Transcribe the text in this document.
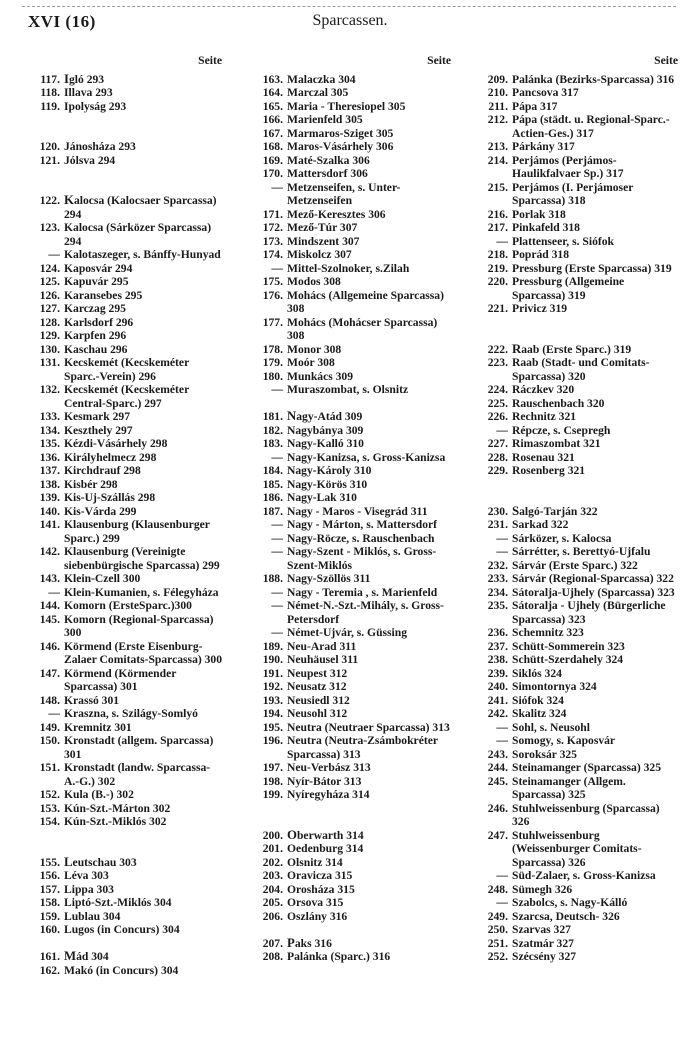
XVI (16)	Sparcassen.
Seite
117. Igló 293
118. Illava 293
119. Ipolyság 293
120. Jánosháza 293
121. Jólsva 294
122. Kalocsa (Kalocsaer Sparcassa) 294
123. Kalocsa (Sárközer Sparcassa) 294
— Kalotaszeger, s. Bánffy-Hunyad
124. Kaposvár 294
125. Kapuvár 295
126. Karansebes 295
127. Karczag 295
128. Karlsdorf 296
129. Karpfen 296
130. Kaschau 296
131. Kecskemét (Kecskeméter Sparc.-Verein) 296
132. Kecskemét (Kecskeméter Central-Sparc.) 297
133. Kesmark 297
134. Keszthely 297
135. Kézdi-Vásárhely 298
136. Királyhelmecz 298
137. Kirchdrauf 298
138. Kisbér 298
139. Kis-Uj-Szállás 298
140. Kis-Várda 299
141. Klausenburg (Klausenburger Sparc.) 299
142. Klausenburg (Vereinigte siebenbürgische Sparcassa) 299
143. Klein-Czell 300
— Klein-Kumanien, s. Félegyháza
144. Komorn (ErsteSparc.)300
145. Komorn (Regional-Sparcassa) 300
146. Körmend (Erste Eisenburg-Zalaer Comitats-Sparcassa) 300
147. Körmend (Körmender Sparcassa) 301
148. Krassó 301
— Kraszna, s. Szilágy-Somlyó
149. Kremnitz 301
150. Kronstadt (allgem. Sparcassa) 301
151. Kronstadt (landw. Sparcassa-A.-G.) 302
152. Kula (B.-) 302
153. Kún-Szt.-Márton 302
154. Kún-Szt.-Miklós 302
155. Leutschau 303
156. Léva 303
157. Lippa 303
158. Liptó-Szt.-Miklós 304
159. Lublau 304
160. Lugos (in Concurs) 304
161. Mád 304
162. Makó (in Concurs) 304
Seite
163. Malaczka 304
164. Marczal 305
165. Maria - Theresiopel 305
166. Marienfeld 305
167. Marmaros-Sziget 305
168. Maros-Vásárhely 306
169. Maté-Szalka 306
170. Mattersdorf 306
— Metzenseifen, s. Unter-Metzenseifen
171. Mező-Keresztes 306
172. Mező-Túr 307
173. Mindszent 307
174. Miskolcz 307
— Mittel-Szolnoker, s.Zilah
175. Modos 308
176. Mohács (Allgemeine Sparcassa) 308
177. Mohács (Mohácser Sparcassa) 308
178. Monor 308
179. Moór 308
180. Munkács 309
— Muraszombat, s. Olsnitz
181. Nagy-Atád 309
182. Nagybánya 309
183. Nagy-Kalló 310
— Nagy-Kanizsa, s. Gross-Kanizsa
184. Nagy-Károly 310
185. Nagy-Körös 310
186. Nagy-Lak 310
187. Nagy - Maros - Visegrád 311
— Nagy - Márton, s. Mattersdorf
— Nagy-Röcze, s. Rauschenbach
— Nagy-Szent - Miklós, s. Gross-Szent-Miklós
188. Nagy-Szöllös 311
— Nagy - Teremia , s. Marienfeld
— Német-N.-Szt.-Mihály, s. Gross-Petersdorf
— Német-Ujvár, s. Güssing
189. Neu-Arad 311
190. Neuhäusel 311
191. Neupest 312
192. Neusatz 312
193. Neusiedl 312
194. Neusohl 312
195. Neutra (Neutraer Sparcassa) 313
196. Neutra (Neutra-Zsámbokréter Sparcassa) 313
197. Neu-Verbász 313
198. Nyír-Bátor 313
199. Nyíregyháza 314
200. Oberwarth 314
201. Oedenburg 314
202. Olsnitz 314
203. Oravicza 315
204. Orosháza 315
205. Orsova 315
206. Oszlány 316
207. Paks 316
208. Palánka (Sparc.) 316
Seite
209. Palánka (Bezirks-Sparcassa) 316
210. Pancsova 317
211. Pápa 317
212. Pápa (städt. u. Regional-Sparc.-Actien-Ges.) 317
213. Párkány 317
214. Perjámos (Perjámos-Haulikfalvaer Sp.) 317
215. Perjámos (I. Perjámoser Sparcassa) 318
216. Porlak 318
217. Pinkafeld 318
— Plattenseer, s. Siófok
218. Poprád 318
219. Pressburg (Erste Sparcassa) 319
220. Pressburg (Allgemeine Sparcassa) 319
221. Privicz 319
222. Raab (Erste Sparc.) 319
223. Raab (Stadt- und Comitats-Sparcassa) 320
224. Ráczkev 320
225. Rauschenbach 320
226. Rechnitz 321
— Répcze, s. Csepregh
227. Rimaszombat 321
228. Rosenau 321
229. Rosenberg 321
230. Salgó-Tarján 322
231. Sarkad 322
— Sárközer, s. Kalocsa
— Sárrétter, s. Berettyó-Ujfalu
232. Sárvár (Erste Sparc.) 322
233. Sárvár (Regional-Sparcassa) 322
234. Sátoralja-Ujhely (Sparcassa) 323
235. Sátoralja - Ujhely (Bürgerliche Sparcassa) 323
236. Schemnitz 323
237. Schütt-Sommerein 323
238. Schütt-Szerdahely 324
239. Siklós 324
240. Simontornya 324
241. Siófok 324
242. Skalitz 324
— Sohl, s. Neusohl
— Somogy, s. Kaposvár
243. Soroksár 325
244. Steinamanger (Sparcassa) 325
245. Steinamanger (Allgem. Sparcassa) 325
246. Stuhlweissenburg (Sparcassa) 326
247. Stuhlweissenburg (Weissenburger Comitats-Sparcassa) 326
— Süd-Zalaer, s. Gross-Kanizsa
248. Sümegh 326
— Szabolcs, s. Nagy-Kálló
249. Szarcsa, Deutsch- 326
250. Szarvas 327
251. Szatmár 327
252. Szécsény 327
